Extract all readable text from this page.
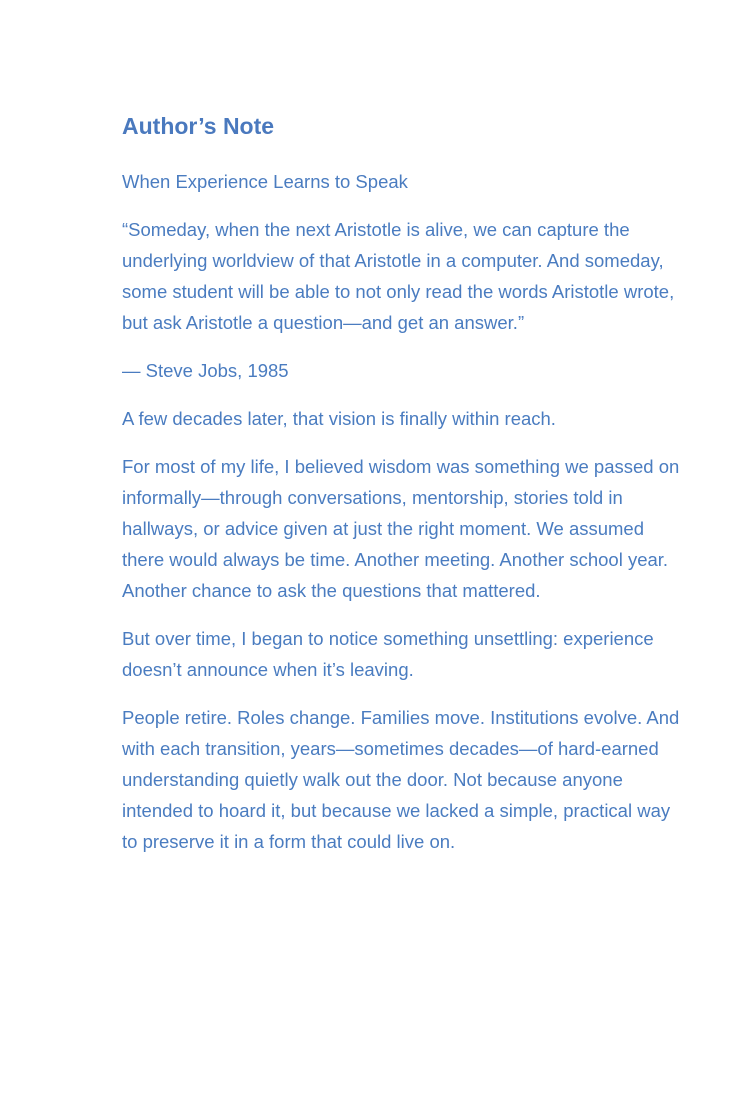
Author’s Note

When Experience Learns to Speak

“Someday, when the next Aristotle is alive, we can capture the underlying worldview of that Aristotle in a computer. And someday, some student will be able to not only read the words Aristotle wrote, but ask Aristotle a question—and get an answer.”

— Steve Jobs, 1985

A few decades later, that vision is finally within reach.

For most of my life, I believed wisdom was something we passed on informally—through conversations, mentorship, stories told in hallways, or advice given at just the right moment. We assumed there would always be time. Another meeting. Another school year. Another chance to ask the questions that mattered.

But over time, I began to notice something unsettling: experience doesn’t announce when it’s leaving.

People retire. Roles change. Families move. Institutions evolve. And with each transition, years—sometimes decades—of hard-earned understanding quietly walk out the door. Not because anyone intended to hoard it, but because we lacked a simple, practical way to preserve it in a form that could live on.
